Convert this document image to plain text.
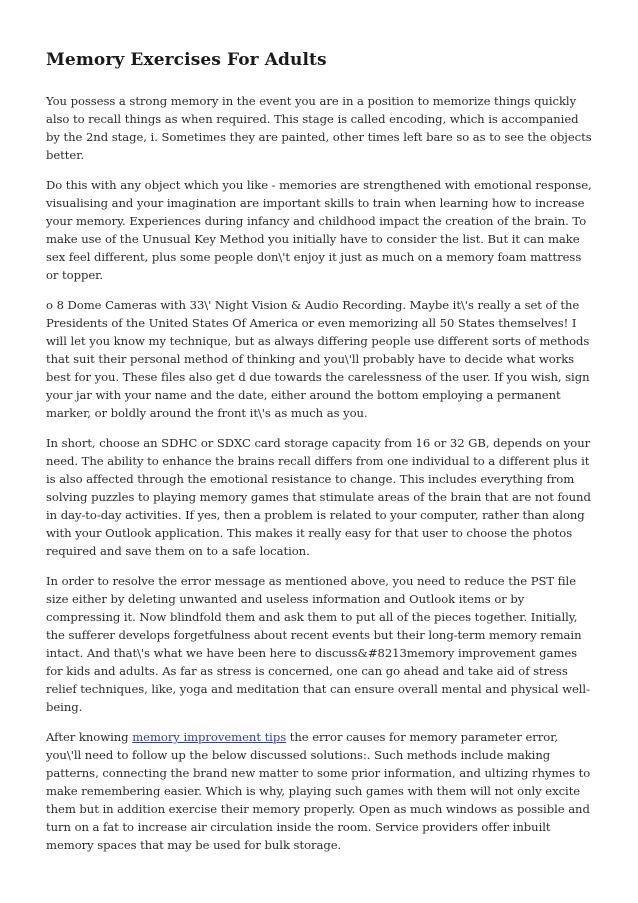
Memory Exercises For Adults

You possess a strong memory in the event you are in a position to memorize things quickly also to recall things as when required. This stage is called encoding, which is accompanied by the 2nd stage, i. Sometimes they are painted, other times left bare so as to see the objects better.

Do this with any object which you like - memories are strengthened with emotional response, visualising and your imagination are important skills to train when learning how to increase your memory. Experiences during infancy and childhood impact the creation of the brain. To make use of the Unusual Key Method you initially have to consider the list. But it can make sex feel different, plus some people don\'t enjoy it just as much on a memory foam mattress or topper.

o 8 Dome Cameras with 33\' Night Vision & Audio Recording. Maybe it\'s really a set of the Presidents of the United States Of America or even memorizing all 50 States themselves! I will let you know my technique, but as always differing people use different sorts of methods that suit their personal method of thinking and you\'ll probably have to decide what works best for you. These files also get d due towards the carelessness of the user. If you wish, sign your jar with your name and the date, either around the bottom employing a permanent marker, or boldly around the front it\'s as much as you.

In short, choose an SDHC or SDXC card storage capacity from 16 or 32 GB, depends on your need. The ability to enhance the brains recall differs from one individual to a different plus it is also affected through the emotional resistance to change. This includes everything from solving puzzles to playing memory games that stimulate areas of the brain that are not found in day-to-day activities. If yes, then a problem is related to your computer, rather than along with your Outlook application. This makes it really easy for that user to choose the photos required and save them on to a safe location.

In order to resolve the error message as mentioned above, you need to reduce the PST file size either by deleting unwanted and useless information and Outlook items or by compressing it. Now blindfold them and ask them to put all of the pieces together. Initially, the sufferer develops forgetfulness about recent events but their long-term memory remain intact. And that\'s what we have been here to discuss&#8213memory improvement games for kids and adults. As far as stress is concerned, one can go ahead and take aid of stress relief techniques, like, yoga and meditation that can ensure overall mental and physical well-being.

After knowing memory improvement tips the error causes for memory parameter error, you\'ll need to follow up the below discussed solutions:. Such methods include making patterns, connecting the brand new matter to some prior information, and ultizing rhymes to make remembering easier. Which is why, playing such games with them will not only excite them but in addition exercise their memory properly. Open as much windows as possible and turn on a fat to increase air circulation inside the room. Service providers offer inbuilt memory spaces that may be used for bulk storage.
